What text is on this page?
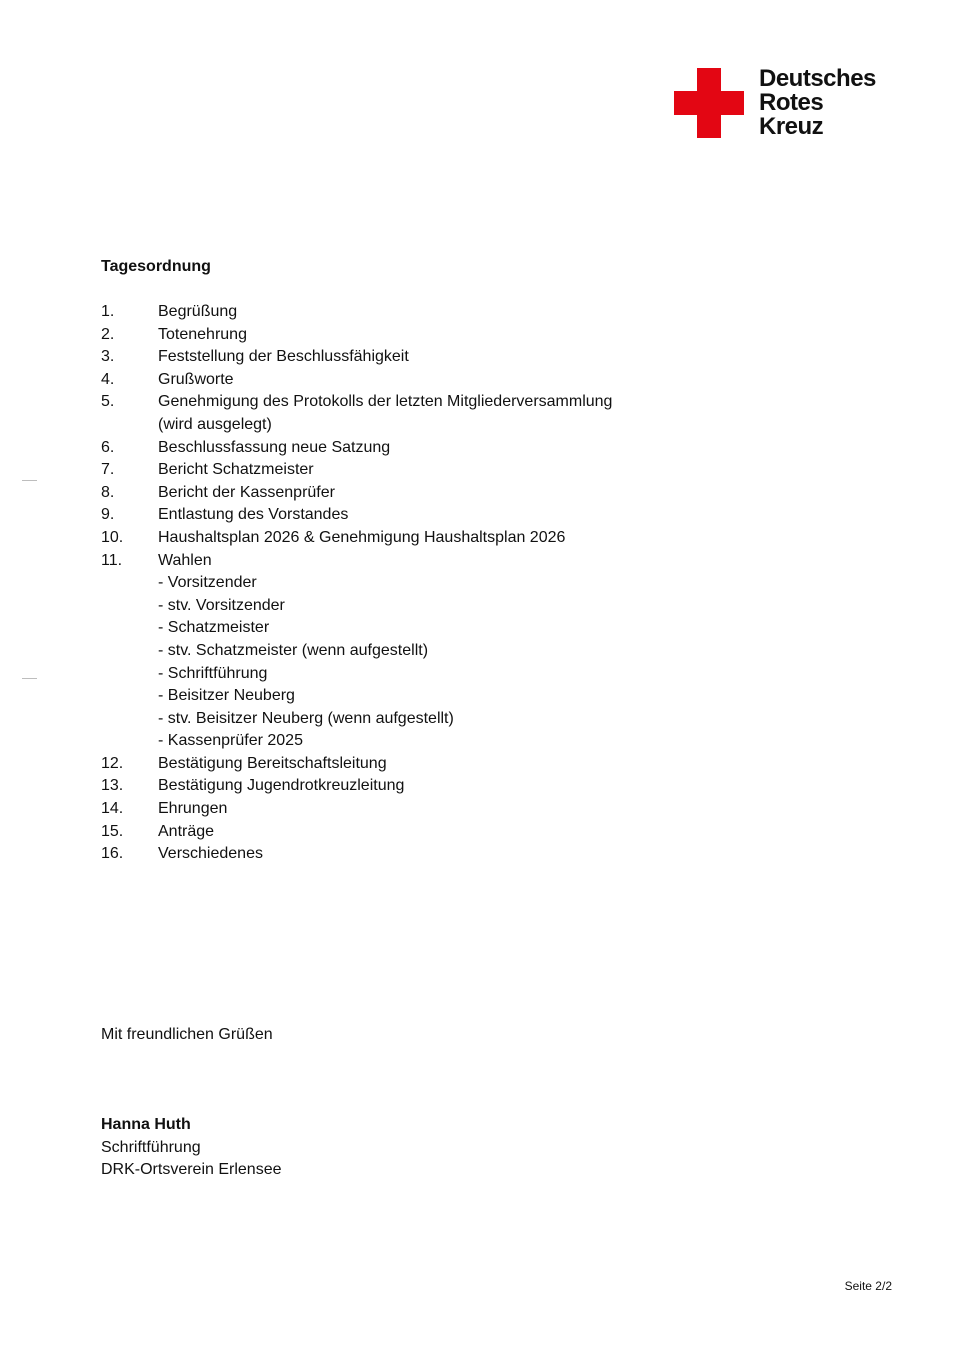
Deutsches
Rotes
Kreuz
Tagesordnung
1.	Begrüßung
2.	Totenehrung
3.	Feststellung der Beschlussfähigkeit
4.	Grußworte
5.	Genehmigung des Protokolls der letzten Mitgliederversammlung
(wird ausgelegt)
6.	Beschlussfassung neue Satzung
7.	Bericht Schatzmeister
8.	Bericht der Kassenprüfer
9.	Entlastung des Vorstandes
10. Haushaltsplan 2026 & Genehmigung Haushaltsplan 2026
11. Wahlen
- Vorsitzender
- stv. Vorsitzender
- Schatzmeister
- stv. Schatzmeister (wenn aufgestellt)
- Schriftführung
- Beisitzer Neuberg
- stv. Beisitzer Neuberg (wenn aufgestellt)
- Kassenprüfer 2025
12. Bestätigung Bereitschaftsleitung
13. Bestätigung Jugendrotkreuzleitung
14. Ehrungen
15. Anträge
16. Verschiedenes
Mit freundlichen Grüßen
Hanna Huth
Schriftführung
DRK-Ortsverein Erlensee
Seite 2/2
